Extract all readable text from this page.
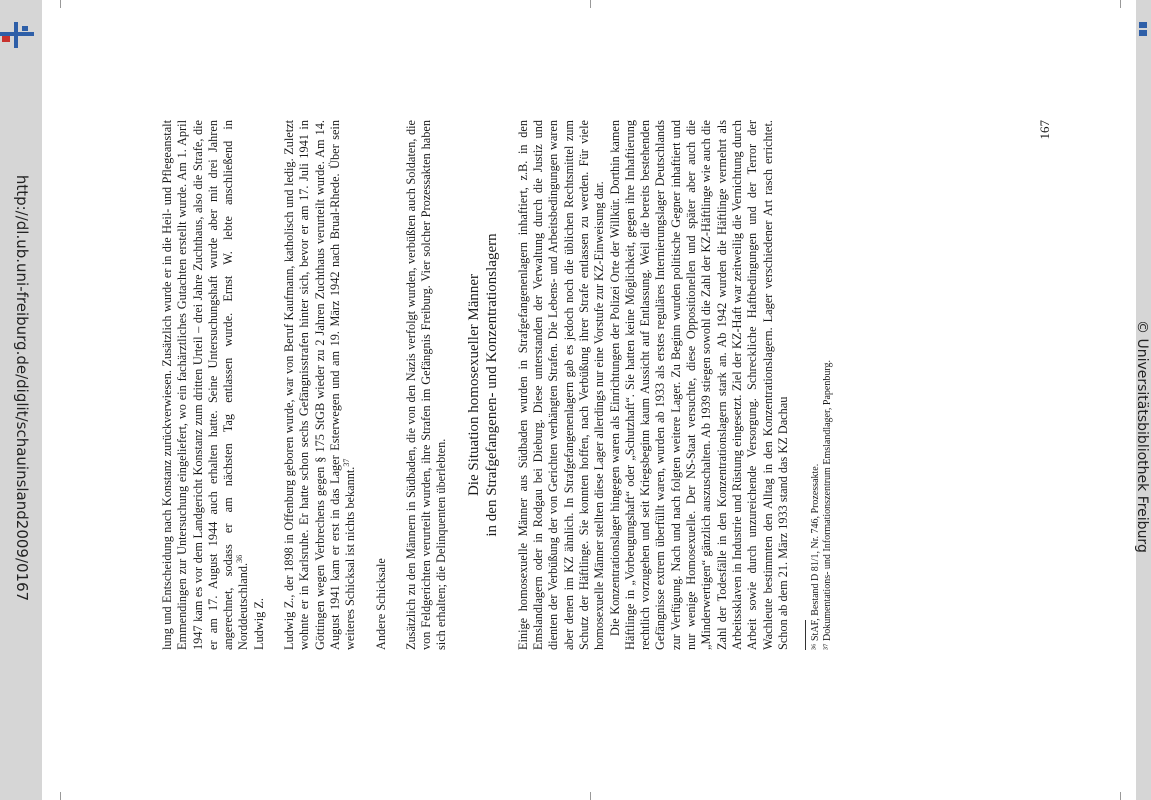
http://dl.ub.uni-freiburg.de/diglit/schauinsland2009/0167	© Universitätsbibliothek Freiburg

lung und Entscheidung nach Konstanz zurückverwiesen. Zusätzlich wurde er in die Heil- und Pflegeanstalt Emmendingen zur Untersuchung eingeliefert, wo ein fachärztliches Gutachten erstellt wurde. Am 1. April 1947 kam es vor dem Landgericht Konstanz zum dritten Urteil – drei Jahre Zuchthaus, also die Strafe, die er am 17. August 1944 auch erhalten hatte. Seine Untersuchungshaft wurde aber mit drei Jahren angerechnet, sodass er am nächsten Tag entlassen wurde. Ernst W. lebte anschließend in Norddeutschland.$^{36}$

Ludwig Z. Ludwig Z., der 1898 in Offenburg geboren wurde, war von Beruf Kaufmann, katholisch und ledig. Zuletzt wohnte er in Karlsruhe. Er hatte schon sechs Gefängnisstrafen hinter sich, bevor er am 17. Juli 1941 in Göttingen wegen Verbrechens gegen § 175 StGB wieder zu 2 Jahren Zuchthaus verurteilt wurde. Am 14. August 1941 kam er erst in das Lager Esterwegen und am 19. März 1942 nach Brual-Rhede. Über sein weiteres Schicksal ist nichts bekannt.$^{37}$

Andere Schicksale Zusätzlich zu den Männern in Südbaden, die von den Nazis verfolgt wurden, verbüßten auch Soldaten, die von Feldgerichten verurteilt wurden, ihre Strafen im Gefängnis Freiburg. Vier solcher Prozessakten haben sich erhalten; die Delinquenten überlebten.

Die Situation homosexueller Männer in den Strafgefangenen- und Konzentrationslagern Einige homosexuelle Männer aus Südbaden wurden in Strafgefangenenlagern inhaftiert, z.B. in den Emslandlagern oder in Rodgau bei Dieburg. Diese unterstanden der Verwaltung durch die Justiz und dienten der Verbüßung der von Gerichten verhängten Strafen. Die Lebens- und Arbeitsbedingungen waren aber denen im KZ ähnlich. In Strafgefangenenlagern gab es jedoch noch die üblichen Rechtsmittel zum Schutz der Häftlinge. Sie konnten hoffen, nach Verbüßung ihrer Strafe entlassen zu werden. Für viele homosexuelle Männer stellten diese Lager allerdings nur eine Vorstufe zur KZ-Einweisung dar. Die Konzentrationslager hingegen waren als Einrichtungen der Polizei Orte der Willkür. Dorthin kamen Häftlinge in „Vorbeugungshaft“ oder „Schutzhaft“. Sie hatten keine Möglichkeit, gegen ihre Inhaftierung rechtlich vorzugehen und seit Kriegsbeginn kaum Aussicht auf Entlassung. Weil die bereits bestehenden Gefängnisse extrem überfüllt waren, wurden ab 1933 als erstes reguläres Internierungslager Deutschlands zur Verfügung. Nach und nach folgten weitere Lager. Zu Beginn wurden politische Gegner inhaftiert und nur wenige Homosexuelle. Der NS-Staat versuchte, diese Oppositionellen und später aber auch die „Minderwertigen“ gänzlich auszuschalten. Ab 1939 stiegen sowohl die Zahl der KZ-Häftlinge wie auch die Zahl der Todesfälle in den Konzentrationslagern stark an. Ab 1942 wurden die Häftlinge vermehrt als Arbeitssklaven in Industrie und Rüstung eingesetzt. Ziel der KZ-Haft war zeitweilig die Vernichtung durch Arbeit sowie durch unzureichende Versorgung. Schreckliche Haftbedingungen und der Terror der Wachleute bestimmten den Alltag in den Konzentrationslagern. Lager verschiedener Art rasch errichtet. Schon ab dem 21. März 1933 stand das KZ Dachau ³⁶ StAF, Bestand D 81/1, Nr. 746, Prozessakte. ³⁷ Dokumentations- und Informationszentrum Emslandlager, Papenburg.

167
